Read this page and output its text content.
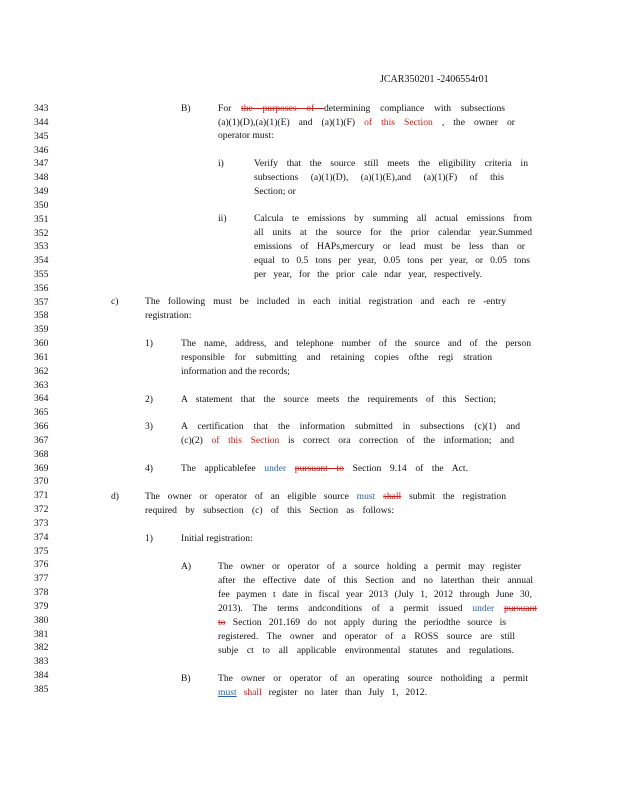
JCAR350201 -2406554r01
343
344
345
346
347
348
349
350
351
352
353
354
355
356
357
358
359
360
361
362
363
364
365
366
367
368
369
370
371
372
373
374
375
376
377
378
379
380
381
382
383
384
385
B)	For the purposes of determining compliance with subsections
(a)(1)(D),(a)(1)(E) and (a)(1)(F) of this Section , the owner or
operator must:
i)	Verify that the source still meets the eligibility criteria in
subsections (a)(1)(D), (a)(1)(E),and (a)(1)(F) of this
Section; or
ii)	Calcula te emissions by summing all actual emissions from
all units at the source for the prior calendar year.Summed
emissions of HAPs,mercury or lead must be less than or
equal to 0.5 tons per year, 0.05 tons per year, or 0.05 tons
per year, for the prior cale ndar year, respectively.
c)	The following must be included in each initial registration and each re -entry
registration:
1)	The name, address, and telephone number of the source and of the person
responsible for submitting and retaining copies ofthe regi stration
information and the records;
2)	A statement that the source meets the requirements of this Section;
3)	A certification that the information submitted in subsections (c)(1) and
(c)(2) of this Section is correct ora correction of the information; and
4)	The applicablefee under pursuant to Section 9.14 of the Act.
d)	The owner or operator of an eligible source must shall submit the registration
required by subsection (c) of this Section as follows:
1)	Initial registration:
A)	The owner or operator of a source holding a permit may register
after the effective date of this Section and no laterthan their annual
fee paymen t date in fiscal year 2013 (July 1, 2012 through June 30,
2013). The terms andconditions of a permit issued under pursuant
to Section 201.169 do not apply during the periodthe source is
registered. The owner and operator of a ROSS source are still
subje ct to all applicable environmental statutes and regulations.
B)	The owner or operator of an operating source notholding a permit
must shall register no later than July 1, 2012.
